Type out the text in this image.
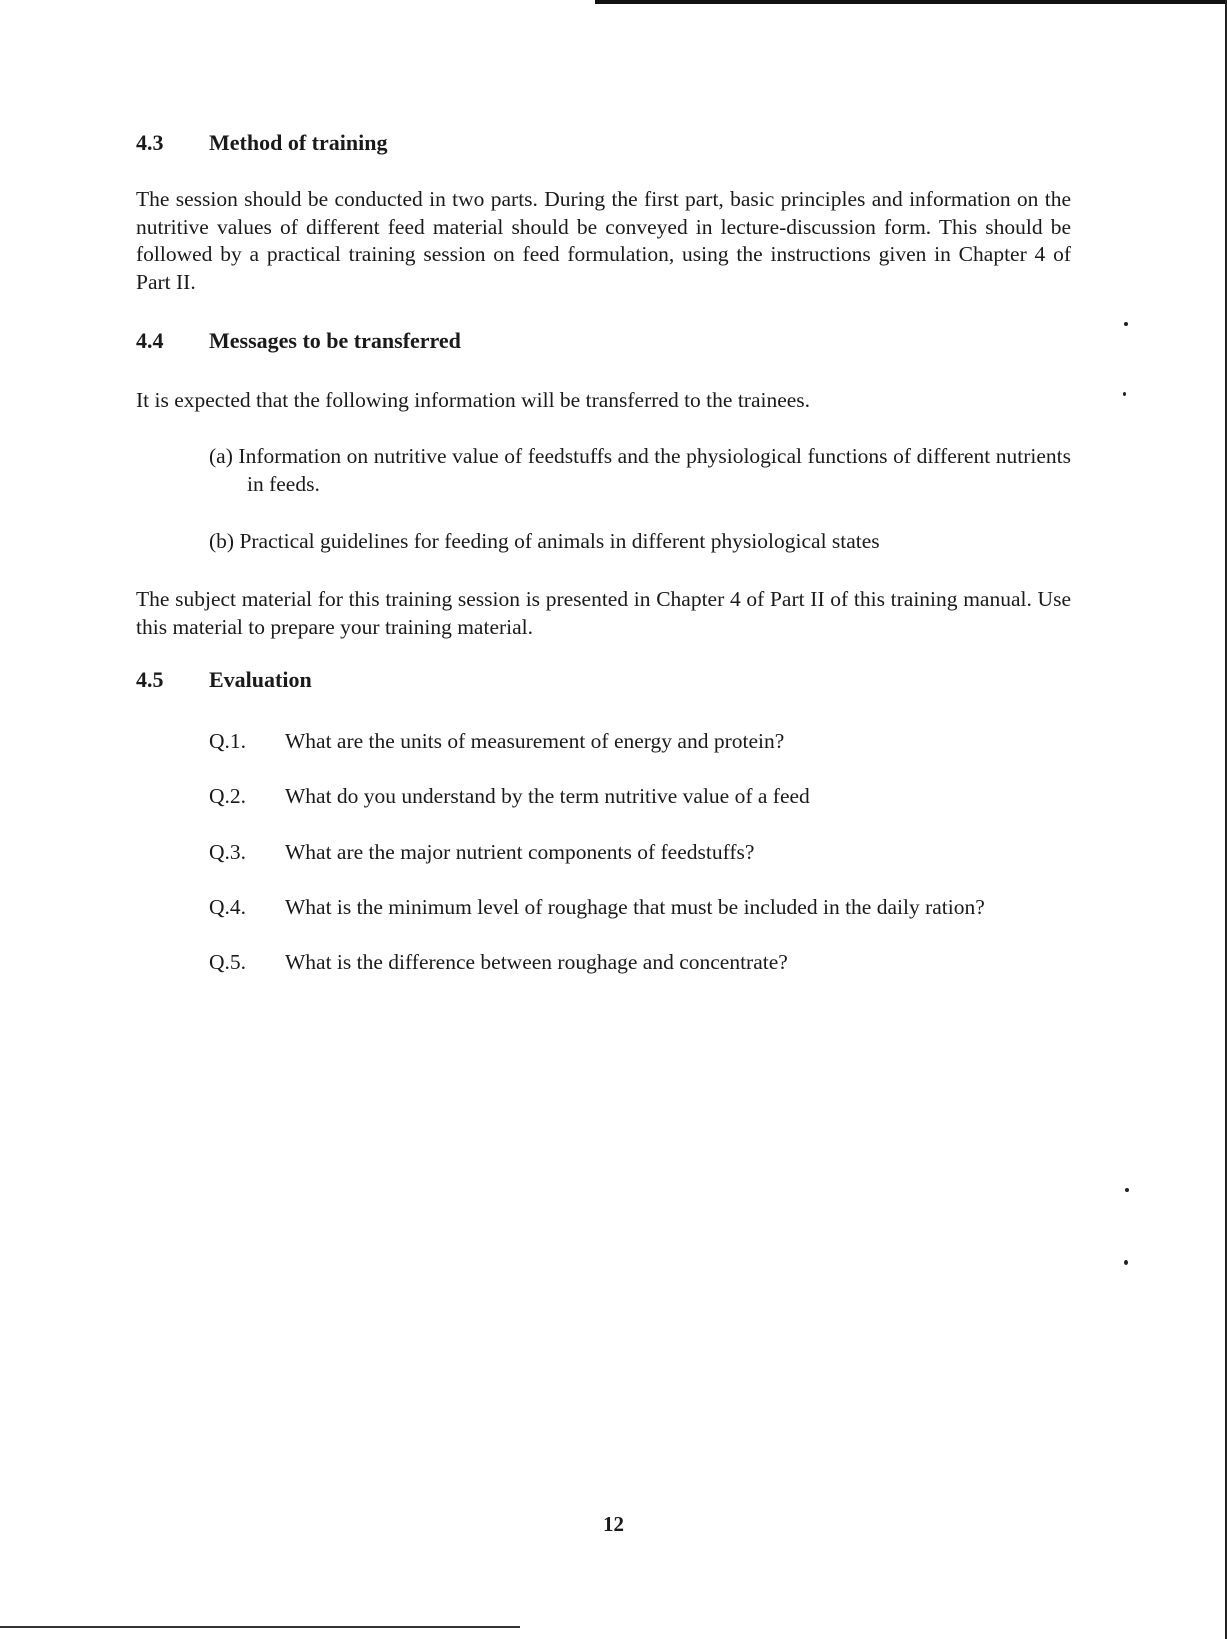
4.3 Method of training
The session should be conducted in two parts. During the first part, basic principles and information on the nutritive values of different feed material should be conveyed in lecture-discussion form. This should be followed by a practical training session on feed formulation, using the instructions given in Chapter 4 of Part II.
4.4 Messages to be transferred
It is expected that the following information will be transferred to the trainees.
(a) Information on nutritive value of feedstuffs and the physiological functions of different nutrients in feeds.
(b) Practical guidelines for feeding of animals in different physiological states
The subject material for this training session is presented in Chapter 4 of Part II of this training manual. Use this material to prepare your training material.
4.5 Evaluation
Q.1. What are the units of measurement of energy and protein?
Q.2. What do you understand by the term nutritive value of a feed
Q.3. What are the major nutrient components of feedstuffs?
Q.4. What is the minimum level of roughage that must be included in the daily ration?
Q.5. What is the difference between roughage and concentrate?
12
